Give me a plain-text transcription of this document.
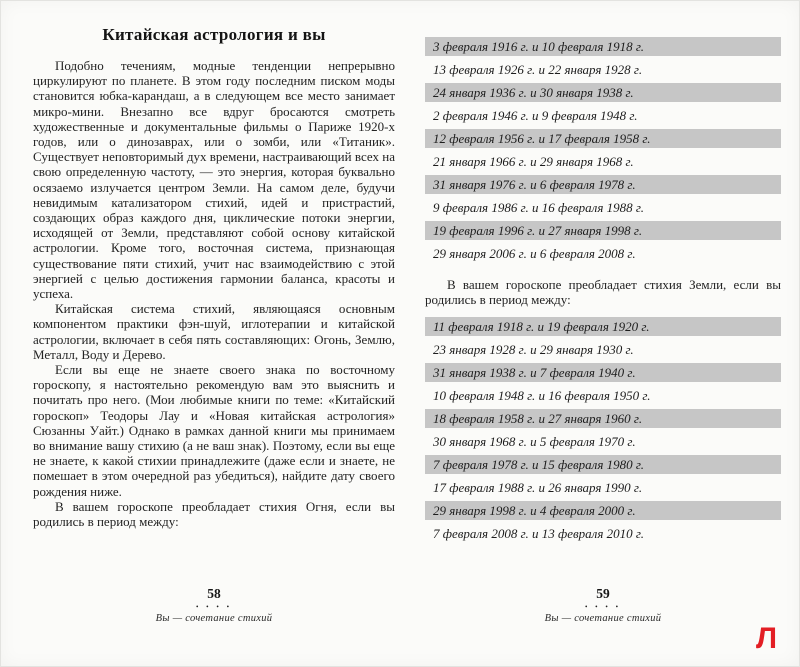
Китайская астрология и вы

Подобно течениям, модные тенденции непрерывно циркулируют по планете. В этом году последним писком моды становится юбка-карандаш, а в следующем все место занимает микро-мини. Внезапно все вдруг бросаются смотреть художественные и документальные фильмы о Париже 1920-х годов, или о динозаврах, или о зомби, или «Титаник». Существует неповторимый дух времени, настраивающий всех на свою определенную частоту, — это энергия, которая буквально осязаемо излучается центром Земли. На самом деле, будучи невидимым катализатором стихий, идей и пристрастий, создающих образ каждого дня, циклические потоки энергии, исходящей от Земли, представляют собой основу китайской астрологии. Кроме того, восточная система, признающая существование пяти стихий, учит нас взаимодействию с этой энергией с целью достижения гармонии баланса, красоты и успеха.

Китайская система стихий, являющаяся основным компонентом практики фэн-шуй, иглотерапии и китайской астрологии, включает в себя пять составляющих: Огонь, Землю, Металл, Воду и Дерево.

Если вы еще не знаете своего знака по восточному гороскопу, я настоятельно рекомендую вам это выяснить и почитать про него. (Мои любимые книги по теме: «Китайский гороскоп» Теодоры Лау и «Новая китайская астрология» Сюзанны Уайт.) Однако в рамках данной книги мы принимаем во внимание вашу стихию (а не ваш знак). Поэтому, если вы еще не знаете, к какой стихии принадлежите (даже если и знаете, не помешает в этом очередной раз убедиться), найдите дату своего рождения ниже.

В вашем гороскопе преобладает стихия Огня, если вы родились в период между:

58
• • • •
Вы — сочетание стихий
3 февраля 1916 г. и 10 февраля 1918 г.
13 февраля 1926 г. и 22 января 1928 г.
24 января 1936 г. и 30 января 1938 г.
2 февраля 1946 г. и 9 февраля 1948 г.
12 февраля 1956 г. и 17 февраля 1958 г.
21 января 1966 г. и 29 января 1968 г.
31 января 1976 г. и 6 февраля 1978 г.
9 февраля 1986 г. и 16 февраля 1988 г.
19 февраля 1996 г. и 27 января 1998 г.
29 января 2006 г. и 6 февраля 2008 г.

В вашем гороскопе преобладает стихия Земли, если вы родились в период между:

11 февраля 1918 г. и 19 февраля 1920 г.
23 января 1928 г. и 29 января 1930 г.
31 января 1938 г. и 7 февраля 1940 г.
10 февраля 1948 г. и 16 февраля 1950 г.
18 февраля 1958 г. и 27 января 1960 г.
30 января 1968 г. и 5 февраля 1970 г.
7 февраля 1978 г. и 15 февраля 1980 г.
17 февраля 1988 г. и 26 января 1990 г.
29 января 1998 г. и 4 февраля 2000 г.
7 февраля 2008 г. и 13 февраля 2010 г.
59
• • • •
Вы — сочетание стихий
Л
